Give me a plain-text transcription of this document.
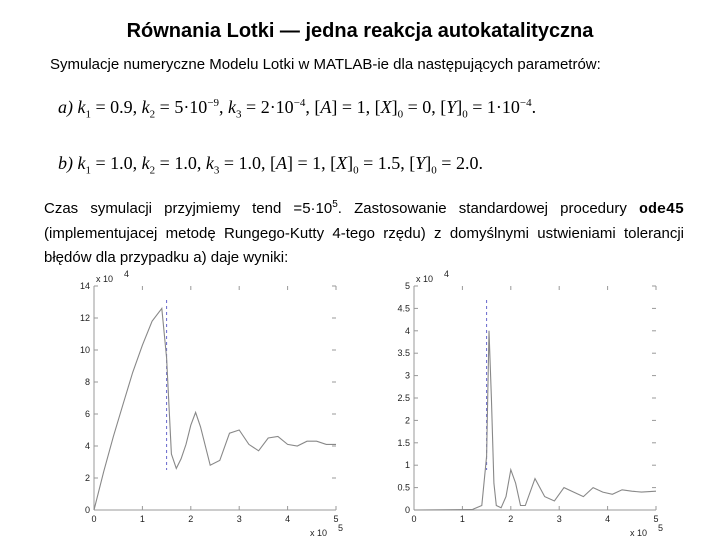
Równania Lotki — jedna reakcja autokatalityczna
Symulacje numeryczne Modelu Lotki w MATLAB-ie dla następujących parametrów:
a) $k_1 = 0.9$, $k_2 = 5\cdot 10^{-9}$, $k_3 = 2\cdot 10^{-4}$, [A] = 1, $[X]_0 = 0$, $[Y]_0 = 1\cdot 10^{-4}$.
b) $k_1 = 1.0$, $k_2 = 1.0$, $k_3 = 1.0$, [A] = 1, $[X]_0 = 1.5$, $[Y]_0 = 2.0$.
Czas symulacji przyjmiemy tend $=5\cdot 10^5$. Zastosowanie standardowej procedury ode45 (implementujacej metodę Rungego-Kutty 4-tego rzędu) z domyślnymi ustwieniami tolerancji błędów dla przypadku a) daje wyniki:
0
2
4
6
8
10
12
14
0	1	2	3	4	5
x 10 4
x 10 5
0
0.5
1
1.5
2
2.5
3
3.5
4
4.5
5
0	1	2	3	4	5
x 10 4
x 10 5
